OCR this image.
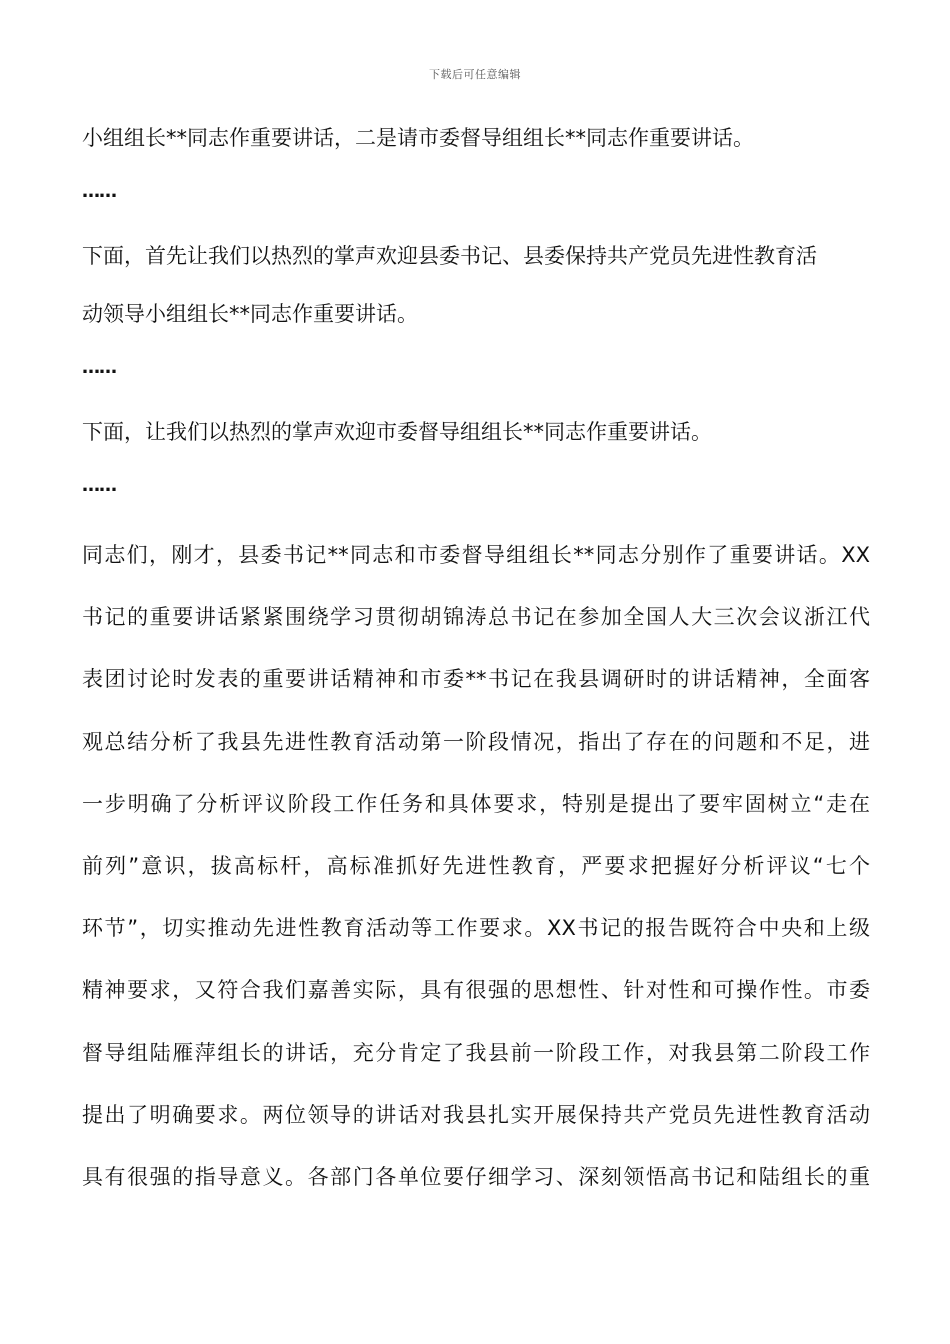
下载后可任意编辑
小组组长**同志作重要讲话，二是请市委督导组组长**同志作重要讲话。
……
下面，首先让我们以热烈的掌声欢迎县委书记、县委保持共产党员先进性教育活
动领导小组组长**同志作重要讲话。
……
下面，让我们以热烈的掌声欢迎市委督导组组长**同志作重要讲话。
……
同志们，刚才，县委书记**同志和市委督导组组长**同志分别作了重要讲话。XX
书记的重要讲话紧紧围绕学习贯彻胡锦涛总书记在参加全国人大三次会议浙江代
表团讨论时发表的重要讲话精神和市委**书记在我县调研时的讲话精神，全面客
观总结分析了我县先进性教育活动第一阶段情况，指出了存在的问题和不足，进
一步明确了分析评议阶段工作任务和具体要求，特别是提出了要牢固树立“走在
前列”意识，拔高标杆，高标准抓好先进性教育，严要求把握好分析评议“七个
环节”，切实推动先进性教育活动等工作要求。XX书记的报告既符合中央和上级
精神要求，又符合我们嘉善实际，具有很强的思想性、针对性和可操作性。市委
督导组陆雁萍组长的讲话，充分肯定了我县前一阶段工作，对我县第二阶段工作
提出了明确要求。两位领导的讲话对我县扎实开展保持共产党员先进性教育活动
具有很强的指导意义。各部门各单位要仔细学习、深刻领悟高书记和陆组长的重
